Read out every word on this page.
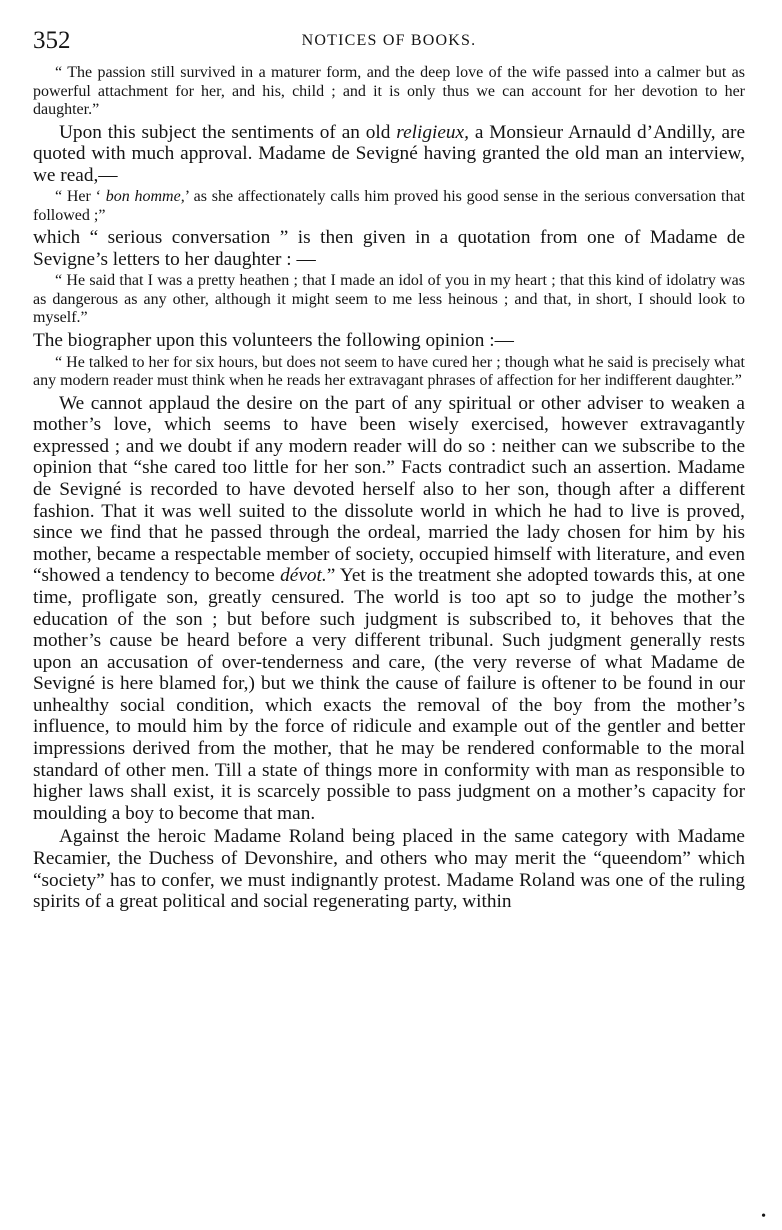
352	NOTICES OF BOOKS.

“ The passion still survived in a maturer form, and the deep love of the wife passed into a calmer but as powerful attachment for her, and his, child ; and it is only thus we can account for her devotion to her daughter.”

Upon this subject the sentiments of an old religieux, a Monsieur Arnauld d’Andilly, are quoted with much approval. Madame de Sevigné having granted the old man an interview, we read,—

“ Her ‘ bon homme,’ as she affectionately calls him proved his good sense in the serious conversation that followed ;”

which “ serious conversation ” is then given in a quotation from one of Madame de Sevigne’s letters to her daughter : —

“ He said that I was a pretty heathen ; that I made an idol of you in my heart ; that this kind of idolatry was as dangerous as any other, although it might seem to me less heinous ; and that, in short, I should look to myself.”

The biographer upon this volunteers the following opinion :—

“ He talked to her for six hours, but does not seem to have cured her ; though what he said is precisely what any modern reader must think when he reads her extravagant phrases of affection for her indifferent daughter.”

We cannot applaud the desire on the part of any spiritual or other adviser to weaken a mother’s love, which seems to have been wisely exercised, however extravagantly expressed ; and we doubt if any modern reader will do so : neither can we subscribe to the opinion that “she cared too little for her son.” Facts contradict such an assertion. Madame de Sevigné is recorded to have devoted herself also to her son, though after a different fashion. That it was well suited to the dissolute world in which he had to live is proved, since we find that he passed through the ordeal, married the lady chosen for him by his mother, became a respectable member of society, occupied himself with literature, and even “showed a tendency to become dévot.” Yet is the treatment she adopted towards this, at one time, profligate son, greatly censured. The world is too apt so to judge the mother’s education of the son ; but before such judgment is subscribed to, it behoves that the mother’s cause be heard before a very different tribunal. Such judgment generally rests upon an accusation of over-tenderness and care, (the very reverse of what Madame de Sevigné is here blamed for,) but we think the cause of failure is oftener to be found in our unhealthy social condition, which exacts the removal of the boy from the mother’s influence, to mould him by the force of ridicule and example out of the gentler and better impressions derived from the mother, that he may be rendered conformable to the moral standard of other men. Till a state of things more in conformity with man as responsible to higher laws shall exist, it is scarcely possible to pass judgment on a mother’s capacity for moulding a boy to become that man.

Against the heroic Madame Roland being placed in the same category with Madame Recamier, the Duchess of Devonshire, and others who may merit the “queendom” which “society” has to confer, we must indignantly protest. Madame Roland was one of the ruling spirits of a great political and social regenerating party, within

•
